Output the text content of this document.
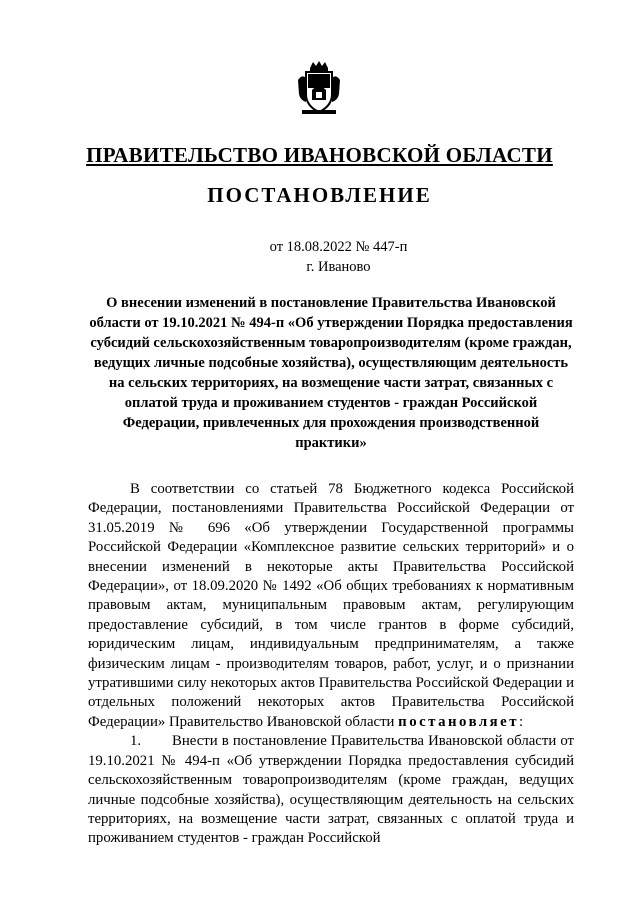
ПРАВИТЕЛЬСТВО ИВАНОВСКОЙ ОБЛАСТИ
ПОСТАНОВЛЕНИЕ
от 18.08.2022 № 447-п
г. Иваново
О внесении изменений в постановление Правительства Ивановской области от 19.10.2021 № 494-п «Об утверждении Порядка предоставления субсидий сельскохозяйственным товаропроизводителям (кроме граждан, ведущих личные подсобные хозяйства), осуществляющим деятельность на сельских территориях, на возмещение части затрат, связанных с оплатой труда и проживанием студентов - граждан Российской Федерации, привлеченных для прохождения производственной практики»

В соответствии со статьей 78 Бюджетного кодекса Российской Федерации, постановлениями Правительства Российской Федерации от 31.05.2019 № 696 «Об утверждении Государственной программы Российской Федерации «Комплексное развитие сельских территорий» и о внесении изменений в некоторые акты Правительства Российской Федерации», от 18.09.2020 № 1492 «Об общих требованиях к нормативным правовым актам, муниципальным правовым актам, регулирующим предоставление субсидий, в том числе грантов в форме субсидий, юридическим лицам, индивидуальным предпринимателям, а также физическим лицам - производителям товаров, работ, услуг, и о признании утратившими силу некоторых актов Правительства Российской Федерации и отдельных положений некоторых актов Правительства Российской Федерации» Правительство Ивановской области постановляет:

1. Внести в постановление Правительства Ивановской области от 19.10.2021 № 494-п «Об утверждении Порядка предоставления субсидий сельскохозяйственным товаропроизводителям (кроме граждан, ведущих личные подсобные хозяйства), осуществляющим деятельность на сельских территориях, на возмещение части затрат, связанных с оплатой труда и проживанием студентов - граждан Российской
